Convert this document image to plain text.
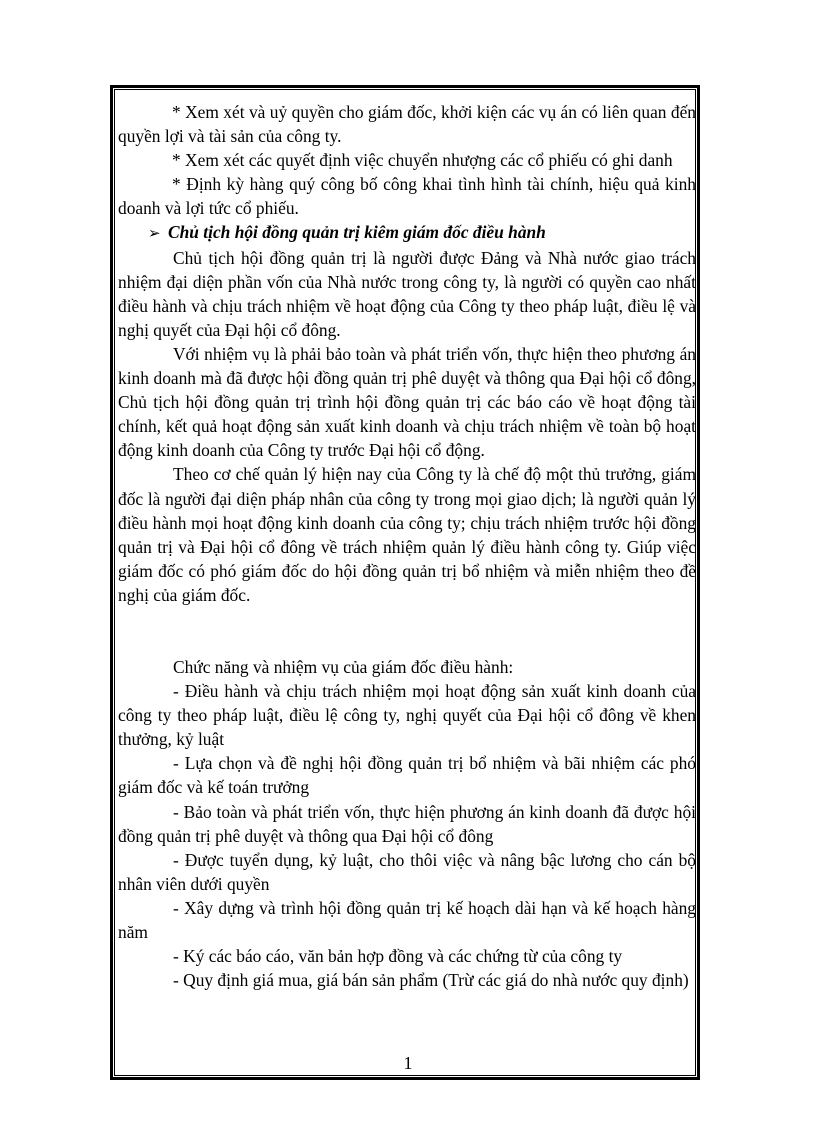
* Xem xét và uỷ quyền cho giám đốc, khởi kiện các vụ án có liên quan đến quyền lợi và tài sản của công ty.

* Xem xét các quyết định việc chuyển nhượng các cổ phiếu có ghi danh

* Định kỳ hàng quý công bố công khai tình hình tài chính, hiệu quả kinh doanh và lợi tức cổ phiếu.

➢ Chủ tịch hội đồng quản trị kiêm giám đốc điều hành

Chủ tịch hội đồng quản trị là người được Đảng và Nhà nước giao trách nhiệm đại diện phần vốn của Nhà nước trong công ty, là người có quyền cao nhất điều hành và chịu trách nhiệm về hoạt động của Công ty theo pháp luật, điều lệ và nghị quyết của Đại hội cổ đông.

Với nhiệm vụ là phải bảo toàn và phát triển vốn, thực hiện theo phương án kinh doanh mà đã được hội đồng quản trị phê duyệt và thông qua Đại hội cổ đông, Chủ tịch hội đồng quản trị trình hội đồng quản trị các báo cáo về hoạt động tài chính, kết quả hoạt động sản xuất kinh doanh và chịu trách nhiệm về toàn bộ hoạt động kinh doanh của Công ty trước Đại hội cổ động.

Theo cơ chế quản lý hiện nay của Công ty là chế độ một thủ trưởng, giám đốc là người đại diện pháp nhân của công ty trong mọi giao dịch; là người quản lý điều hành mọi hoạt động kinh doanh của công ty; chịu trách nhiệm trước hội đồng quản trị và Đại hội cổ đông về trách nhiệm quản lý điều hành công ty. Giúp việc giám đốc có phó giám đốc do hội đồng quản trị bổ nhiệm và miễn nhiệm theo đề nghị của giám đốc.

Chức năng và nhiệm vụ của giám đốc điều hành:

- Điều hành và chịu trách nhiệm mọi hoạt động sản xuất kinh doanh của công ty theo pháp luật, điều lệ công ty, nghị quyết của Đại hội cổ đông về khen thưởng, kỷ luật

- Lựa chọn và đề nghị hội đồng quản trị bổ nhiệm và bãi nhiệm các phó giám đốc và kế toán trưởng

- Bảo toàn và phát triển vốn, thực hiện phương án kinh doanh đã được hội đồng quản trị phê duyệt và thông qua Đại hội cổ đông

- Được tuyển dụng, kỷ luật, cho thôi việc và nâng bậc lương cho cán bộ nhân viên dưới quyền

- Xây dựng và trình hội đồng quản trị kế hoạch dài hạn và kế hoạch hàng năm

- Ký các báo cáo, văn bản hợp đồng và các chứng từ của công ty

- Quy định giá mua, giá bán sản phẩm (Trừ các giá do nhà nước quy định)

1
